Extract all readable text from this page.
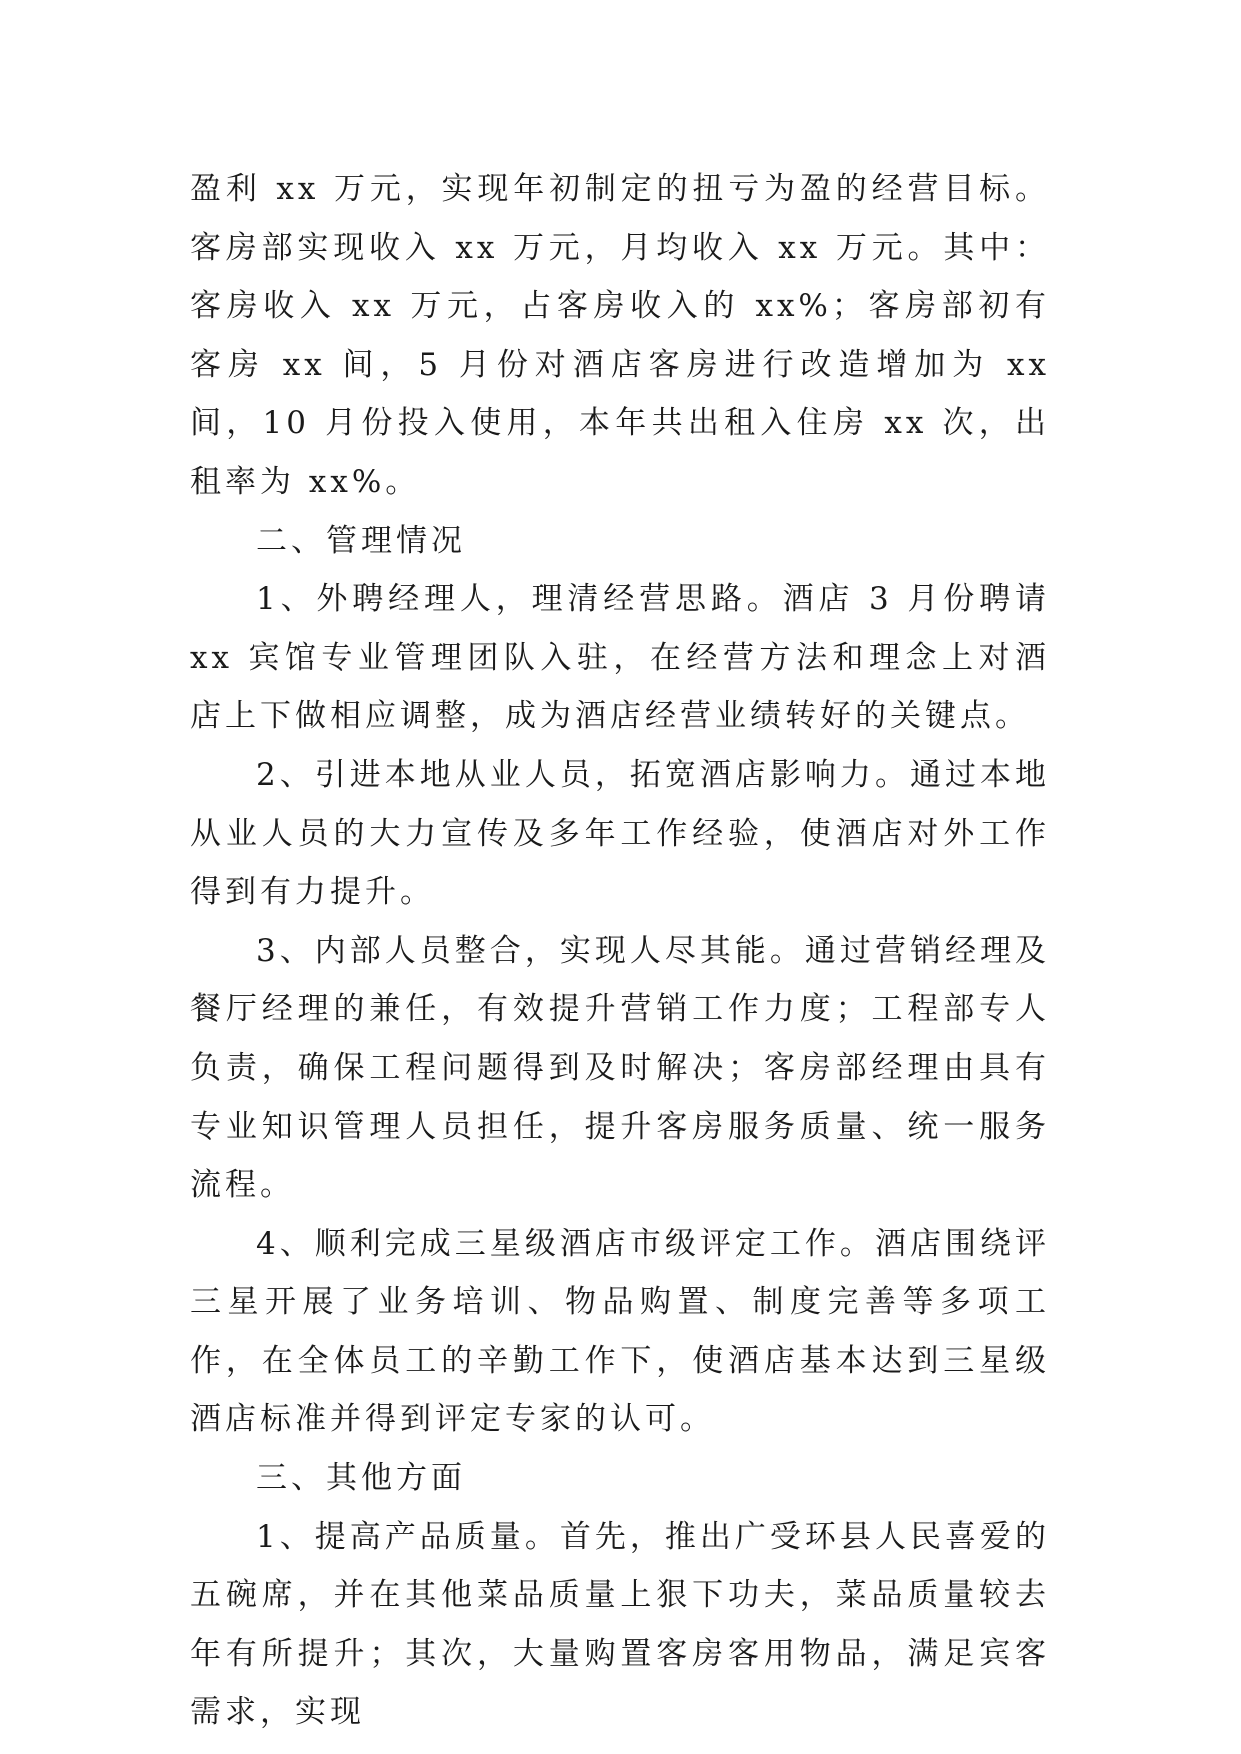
盈利 xx 万元，实现年初制定的扭亏为盈的经营目标。客房部实现收入 xx 万元，月均收入 xx 万元。其中：客房收入 xx 万元，占客房收入的 xx%；客房部初有客房 xx 间，5 月份对酒店客房进行改造增加为 xx 间，10 月份投入使用，本年共出租入住房 xx 次，出租率为 xx%。

二、管理情况

1、外聘经理人，理清经营思路。酒店 3 月份聘请 xx 宾馆专业管理团队入驻，在经营方法和理念上对酒店上下做相应调整，成为酒店经营业绩转好的关键点。

2、引进本地从业人员，拓宽酒店影响力。通过本地从业人员的大力宣传及多年工作经验，使酒店对外工作得到有力提升。

3、内部人员整合，实现人尽其能。通过营销经理及餐厅经理的兼任，有效提升营销工作力度；工程部专人负责，确保工程问题得到及时解决；客房部经理由具有专业知识管理人员担任，提升客房服务质量、统一服务流程。

4、顺利完成三星级酒店市级评定工作。酒店围绕评三星开展了业务培训、物品购置、制度完善等多项工作，在全体员工的辛勤工作下，使酒店基本达到三星级酒店标准并得到评定专家的认可。

三、其他方面

1、提高产品质量。首先，推出广受环县人民喜爱的五碗席，并在其他菜品质量上狠下功夫，菜品质量较去年有所提升；其次，大量购置客房客用物品，满足宾客需求，实现
